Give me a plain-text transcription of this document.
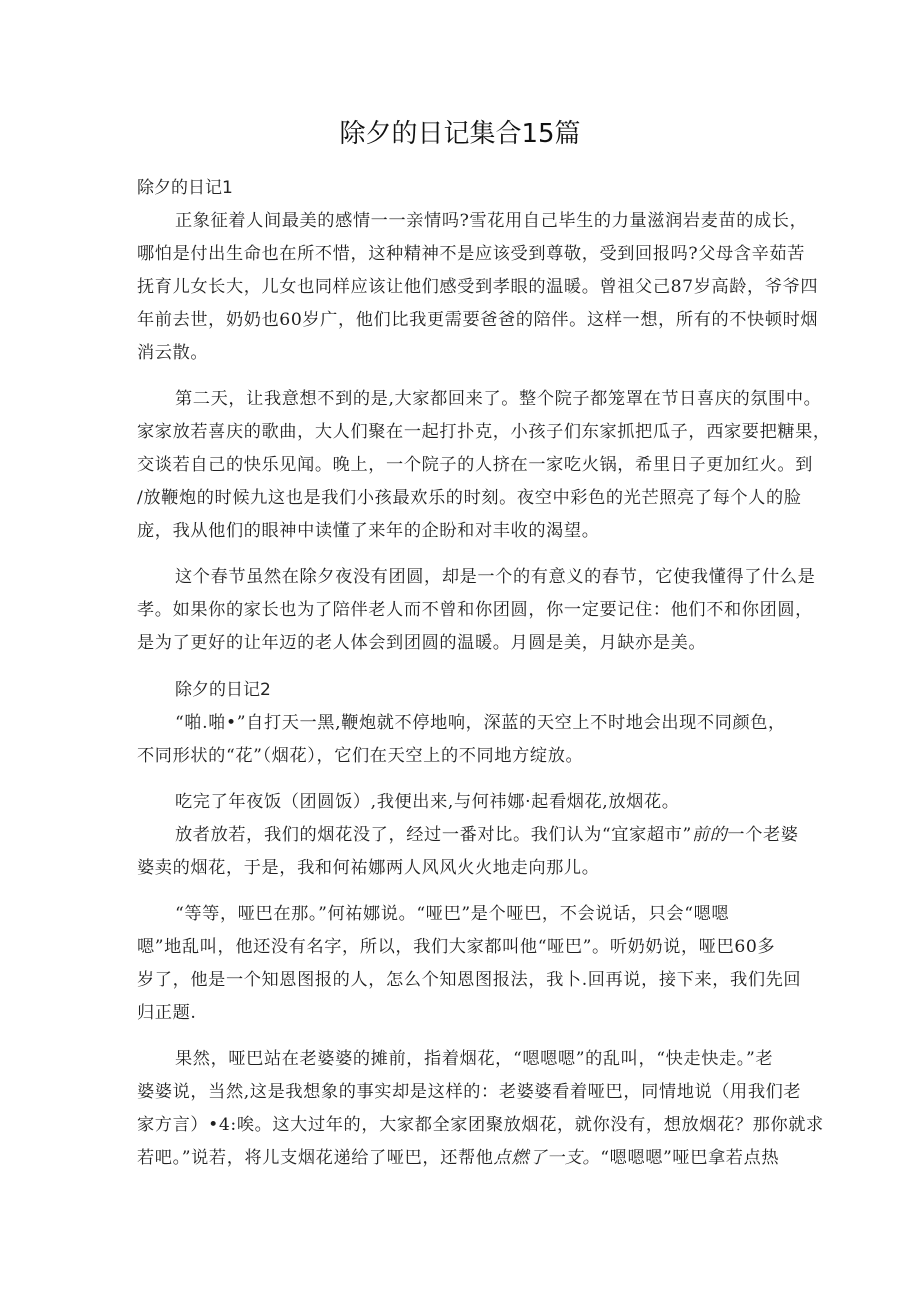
除夕的日记集合15篇
除夕的日记1
正象征着人间最美的感情一一亲情吗?雪花用自己毕生的力量滋润岩麦苗的成长，
哪怕是付出生命也在所不惜，这种精神不是应该受到尊敬，受到回报吗?父母含辛茹苦
抚育儿女长大，儿女也同样应该让他们感受到孝眼的温暖。曾祖父己87岁高龄，爷爷四
年前去世，奶奶也60岁广，他们比我更需要爸爸的陪伴。这样一想，所有的不快顿时烟
消云散。
第二天，让我意想不到的是,大家都回来了。整个院子都笼罩在节日喜庆的氛围中。
家家放若喜庆的歌曲，大人们聚在一起打扑克，小孩子们东家抓把瓜子，西家要把糖果，
交谈若自己的快乐见闻。晚上，一个院子的人挤在一家吃火锅，希里日子更加红火。到
/放鞭炮的时候九这也是我们小孩最欢乐的时刻。夜空中彩色的光芒照亮了每个人的脸
庞，我从他们的眼神中读懂了来年的企盼和对丰收的渴望。
这个春节虽然在除夕夜没有团圆，却是一个的有意义的春节，它使我懂得了什么是
孝。如果你的家长也为了陪伴老人而不曾和你团圆，你一定要记住：他们不和你团圆，
是为了更好的让年迈的老人体会到团圆的温暖。月圆是美，月缺亦是美。
除夕的日记2
“啪.啪•”自打天一黑,鞭炮就不停地响，深蓝的天空上不时地会出现不同颜色，
不同形状的“花”（烟花），它们在天空上的不同地方绽放。
吃完了年夜饭（团圆饭）,我便出来,与何祎娜·起看烟花,放烟花。
放者放若，我们的烟花没了，经过一番对比。我们认为“宜家超市”前的一个老婆
婆卖的烟花，于是，我和何祐娜两人风风火火地走向那儿。
“等等，哑巴在那。”何祐娜说。“哑巴”是个哑巴，不会说话，只会“嗯嗯
嗯”地乱叫，他还没有名字，所以，我们大家都叫他“哑巴”。听奶奶说，哑巴60多
岁了，他是一个知恩图报的人，怎么个知恩图报法，我卜.回再说，接下来，我们先回
归正题.
果然，哑巴站在老婆婆的摊前，指着烟花，“嗯嗯嗯”的乱叫，“快走快走。”老
婆婆说，当然,这是我想象的事实却是这样的：老婆婆看着哑巴，同情地说（用我们老
家方言）•4:唉。这大过年的，大家都全家团聚放烟花，就你没有，想放烟花？那你就求
若吧。”说若，将儿支烟花递给了哑巴，还帮他点燃了一支。“嗯嗯嗯”哑巴拿若点热
